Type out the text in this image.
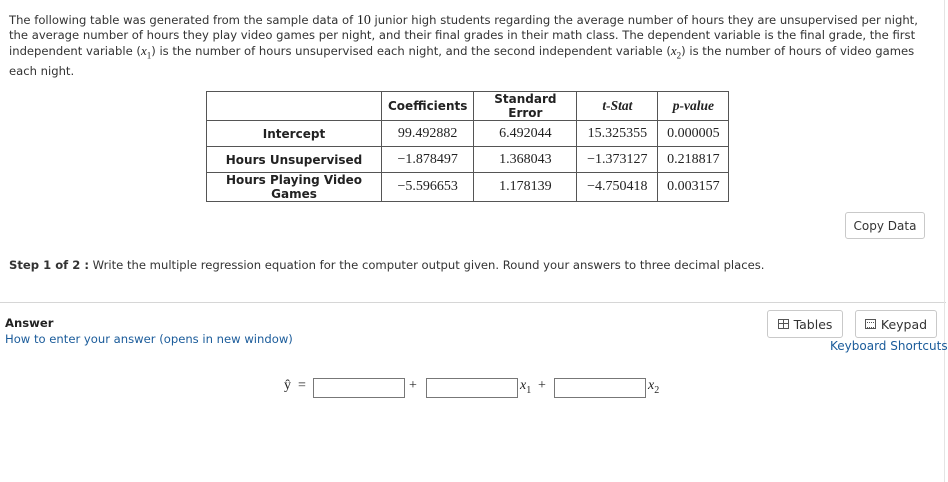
The following table was generated from the sample data of 10 junior high students regarding the average number of hours they are unsupervised per night, the average number of hours they play video games per night, and their final grades in their math class. The dependent variable is the final grade, the first independent variable $(x_1)$ is the number of hours unsupervised each night, and the second independent variable $(x_2)$ is the number of hours of video games each night.
	Coefficients	Standard Error	t-Stat	p-value
Intercept	99.492882	6.492044	15.325355	0.000005
Hours Unsupervised	−1.878497	1.368043	−1.373127	0.218817
Hours Playing Video Games	−5.596653	1.178139	−4.750418	0.003157
Copy Data
Step 1 of 2 : Write the multiple regression equation for the computer output given. Round your answers to three decimal places.
Answer
How to enter your answer (opens in new window)
Tables	Keypad
Keyboard Shortcuts
ŷ =	+	$x_1$ +	$x_2$
